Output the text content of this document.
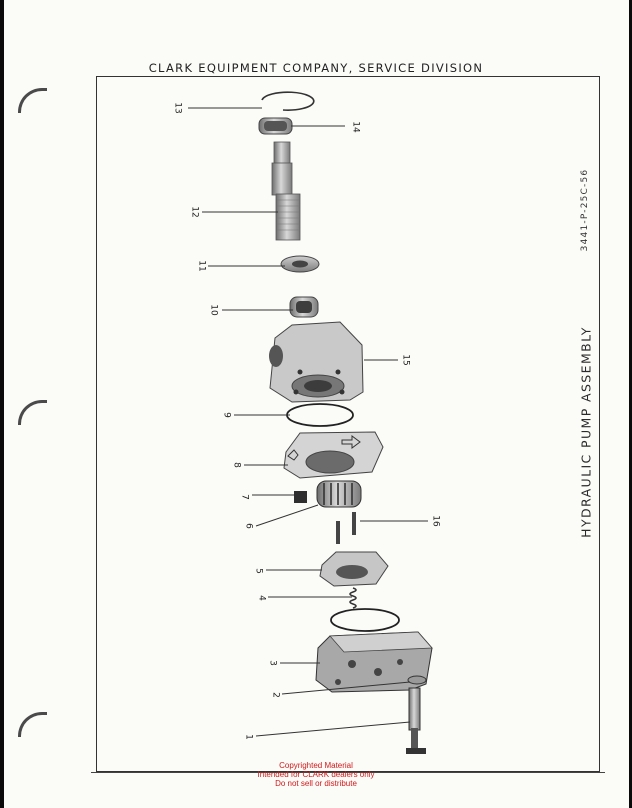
CLARK EQUIPMENT COMPANY, SERVICE DIVISION
3441-P-25C-56
HYDRAULIC PUMP ASSEMBLY
13
14
12
11
10
15
9
8
7
6	16
5
4
3
2
1
Copyrighted Material
Intended for CLARK dealers only
Do not sell or distribute
